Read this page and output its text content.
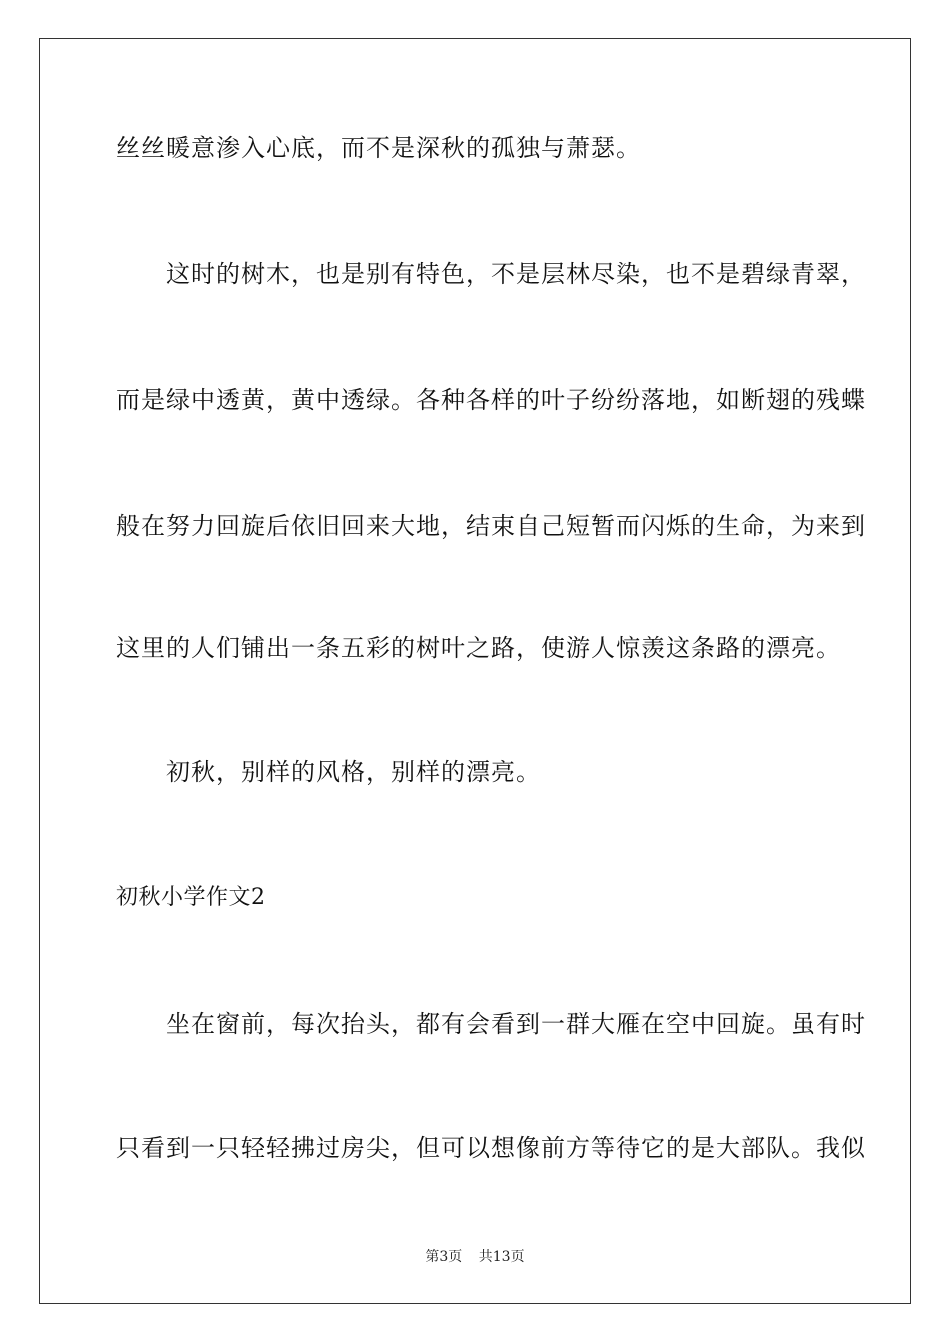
丝丝暖意渗入心底，而不是深秋的孤独与萧瑟。
这时的树木，也是别有特色，不是层林尽染，也不是碧绿青翠，
而是绿中透黄，黄中透绿。各种各样的叶子纷纷落地，如断翅的残蝶
般在努力回旋后依旧回来大地，结束自己短暂而闪烁的生命，为来到
这里的人们铺出一条五彩的树叶之路，使游人惊羡这条路的漂亮。
初秋，别样的风格，别样的漂亮。
初秋小学作文2
坐在窗前，每次抬头，都有会看到一群大雁在空中回旋。虽有时
只看到一只轻轻拂过房尖，但可以想像前方等待它的是大部队。我似
第3页 共13页
